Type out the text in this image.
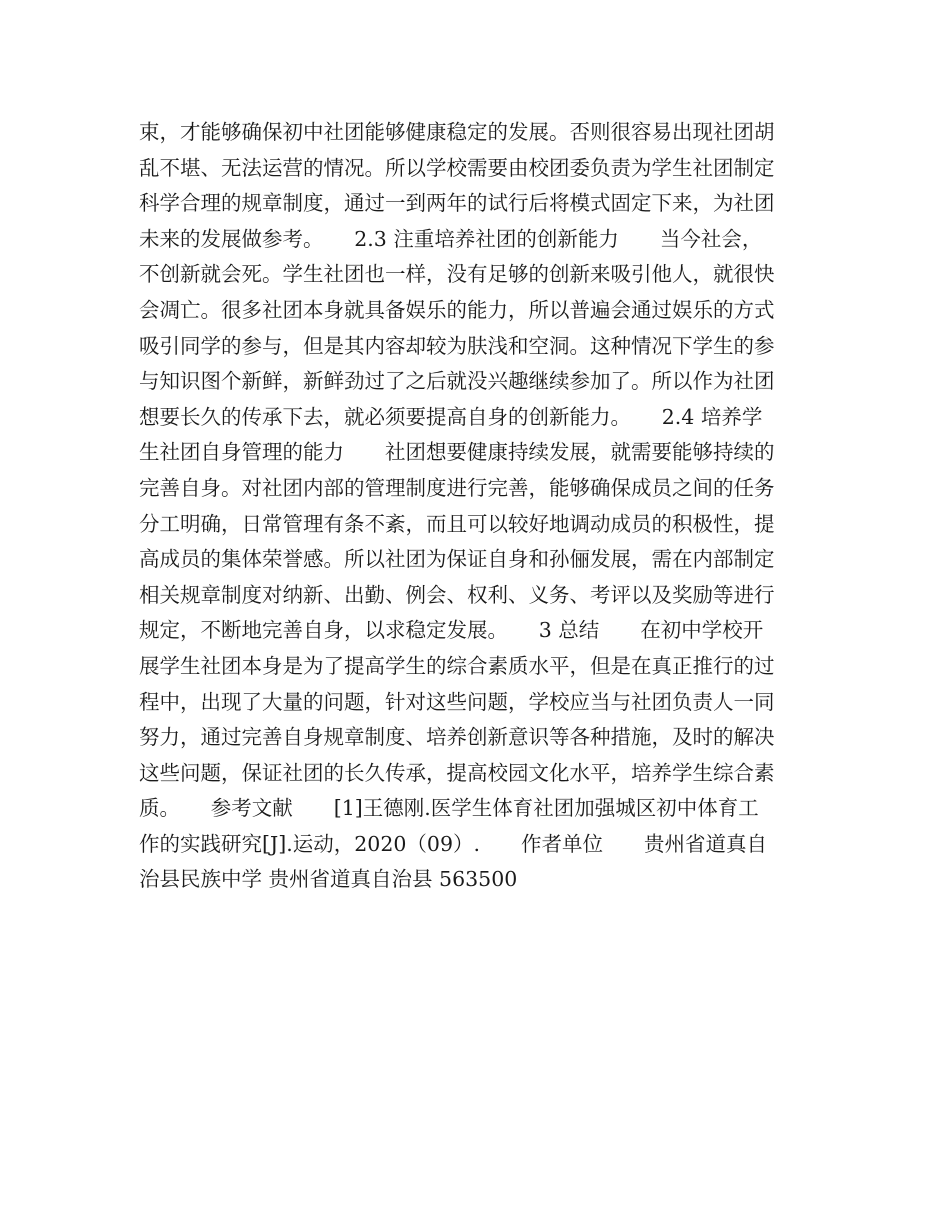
束，才能够确保初中社团能够健康稳定的发展。否则很容易出现社团胡
乱不堪、无法运营的情况。所以学校需要由校团委负责为学生社团制定
科学合理的规章制度，通过一到两年的试行后将模式固定下来，为社团
未来的发展做参考。　　2.3 注重培养社团的创新能力　　当今社会，
不创新就会死。学生社团也一样，没有足够的创新来吸引他人，就很快
会凋亡。很多社团本身就具备娱乐的能力，所以普遍会通过娱乐的方式
吸引同学的参与，但是其内容却较为肤浅和空洞。这种情况下学生的参
与知识图个新鲜，新鲜劲过了之后就没兴趣继续参加了。所以作为社团
想要长久的传承下去，就必须要提高自身的创新能力。　　2.4 培养学
生社团自身管理的能力　　社团想要健康持续发展，就需要能够持续的
完善自身。对社团内部的管理制度进行完善，能够确保成员之间的任务
分工明确，日常管理有条不紊，而且可以较好地调动成员的积极性，提
高成员的集体荣誉感。所以社团为保证自身和孙俪发展，需在内部制定
相关规章制度对纳新、出勤、例会、权利、义务、考评以及奖励等进行
规定，不断地完善自身，以求稳定发展。　　3 总结　　在初中学校开
展学生社团本身是为了提高学生的综合素质水平，但是在真正推行的过
程中，出现了大量的问题，针对这些问题，学校应当与社团负责人一同
努力，通过完善自身规章制度、培养创新意识等各种措施，及时的解决
这些问题，保证社团的长久传承，提高校园文化水平，培养学生综合素
质。　　参考文献　　[1]王德刚.医学生体育社团加强城区初中体育工
作的实践研究[J].运动，2020（09）.　　作者单位　　贵州省道真自
治县民族中学 贵州省道真自治县 563500
